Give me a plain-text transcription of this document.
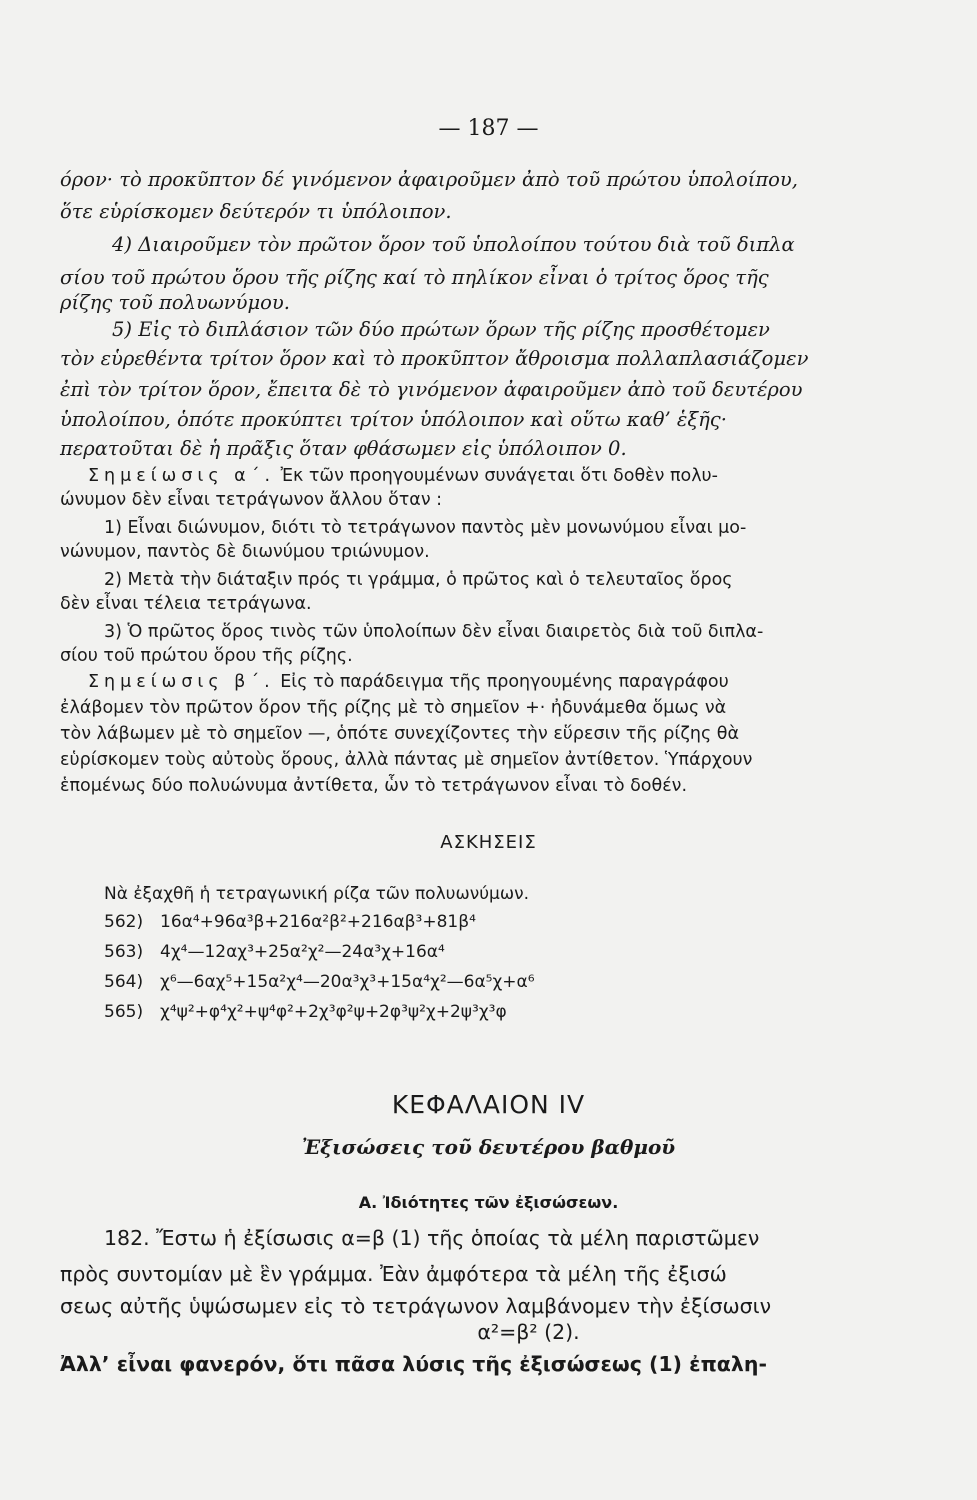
— 187 —
όρον· τὸ προκῦπτον δέ γινόμενον ἀφαιροῦμεν ἀπὸ τοῦ πρώτου ὑπολοίπου,
ὅτε εὑρίσκομεν δεύτερόν τι ὑπόλοιπον.
4) Διαιροῦμεν τὸν πρῶτον ὅρον τοῦ ὑπολοίπου τούτου διὰ τοῦ διπλα
σίου τοῦ πρώτου ὅρου τῆς ρίζης καί τὸ πηλίκον εἶναι ὁ τρίτος ὅρος τῆς
ρίζης τοῦ πολυωνύμου.
5) Εἰς τὸ διπλάσιον τῶν δύο πρώτων ὅρων τῆς ρίζης προσθέτομεν
τὸν εὑρεθέντα τρίτον ὅρον καὶ τὸ προκῦπτον ἄθροισμα πολλαπλασιάζομεν
ἐπὶ τὸν τρίτον ὅρον, ἔπειτα δὲ τὸ γινόμενον ἀφαιροῦμεν ἀπὸ τοῦ δευτέρου
ὑπολοίπου, ὁπότε προκύπτει τρίτον ὑπόλοιπον καὶ οὕτω καθ’ ἑξῆς·
περατοῦται δὲ ἡ πρᾶξις ὅταν φθάσωμεν εἰς ὑπόλοιπον 0.
Σημείωσις α΄. Ἐκ τῶν προηγουμένων συνάγεται ὅτι δοθὲν πολυ-
ώνυμον δὲν εἶναι τετράγωνον ἄλλου ὅταν :
1) Εἶναι διώνυμον, διότι τὸ τετράγωνον παντὸς μὲν μονωνύμου εἶναι μο-
νώνυμον, παντὸς δὲ διωνύμου τριώνυμον.
2) Μετὰ τὴν διάταξιν πρός τι γράμμα, ὁ πρῶτος καὶ ὁ τελευταῖος ὅρος
δὲν εἶναι τέλεια τετράγωνα.
3) Ὁ πρῶτος ὅρος τινὸς τῶν ὑπολοίπων δὲν εἶναι διαιρετὸς διὰ τοῦ διπλα-
σίου τοῦ πρώτου ὅρου τῆς ρίζης.
Σημείωσις β΄. Εἰς τὸ παράδειγμα τῆς προηγουμένης παραγράφου
ἐλάβομεν τὸν πρῶτον ὅρον τῆς ρίζης μὲ τὸ σημεῖον +· ἠδυνάμεθα ὅμως νὰ
τὸν λάβωμεν μὲ τὸ σημεῖον —, ὁπότε συνεχίζοντες τὴν εὕρεσιν τῆς ρίζης θὰ
εὑρίσκομεν τοὺς αὐτοὺς ὅρους, ἀλλὰ πάντας μὲ σημεῖον ἀντίθετον. Ὑπάρχουν
ἑπομένως δύο πολυώνυμα ἀντίθετα, ὧν τὸ τετράγωνον εἶναι τὸ δοθέν.
ΑΣΚΗΣΕΙΣ
Νὰ ἐξαχθῆ ἡ τετραγωνική ρίζα τῶν πολυωνύμων.
562) 16α⁴+96α³β+216α²β²+216αβ³+81β⁴
563) 4χ⁴—12αχ³+25α²χ²—24α³χ+16α⁴
564) χ⁶—6αχ⁵+15α²χ⁴—20α³χ³+15α⁴χ²—6α⁵χ+α⁶
565) χ⁴ψ²+φ⁴χ²+ψ⁴φ²+2χ³φ²ψ+2φ³ψ²χ+2ψ³χ³φ
ΚΕΦΑΛΑΙΟΝ IV
Ἐξισώσεις τοῦ δευτέρου βαθμοῦ
Α. Ἰδιότητες τῶν ἐξισώσεων.
182. Ἔστω ἡ ἐξίσωσις α=β (1) τῆς ὁποίας τὰ μέλη παριστῶμεν
πρὸς συντομίαν μὲ ἓν γράμμα. Ἐὰν ἀμφότερα τὰ μέλη τῆς ἐξισώ
σεως αὐτῆς ὑψώσωμεν εἰς τὸ τετράγωνον λαμβάνομεν τὴν ἐξίσωσιν
α²=β² (2).
Ἀλλ’ εἶναι φανερόν, ὅτι πᾶσα λύσις τῆς ἐξισώσεως (1) ἐπαλη-
